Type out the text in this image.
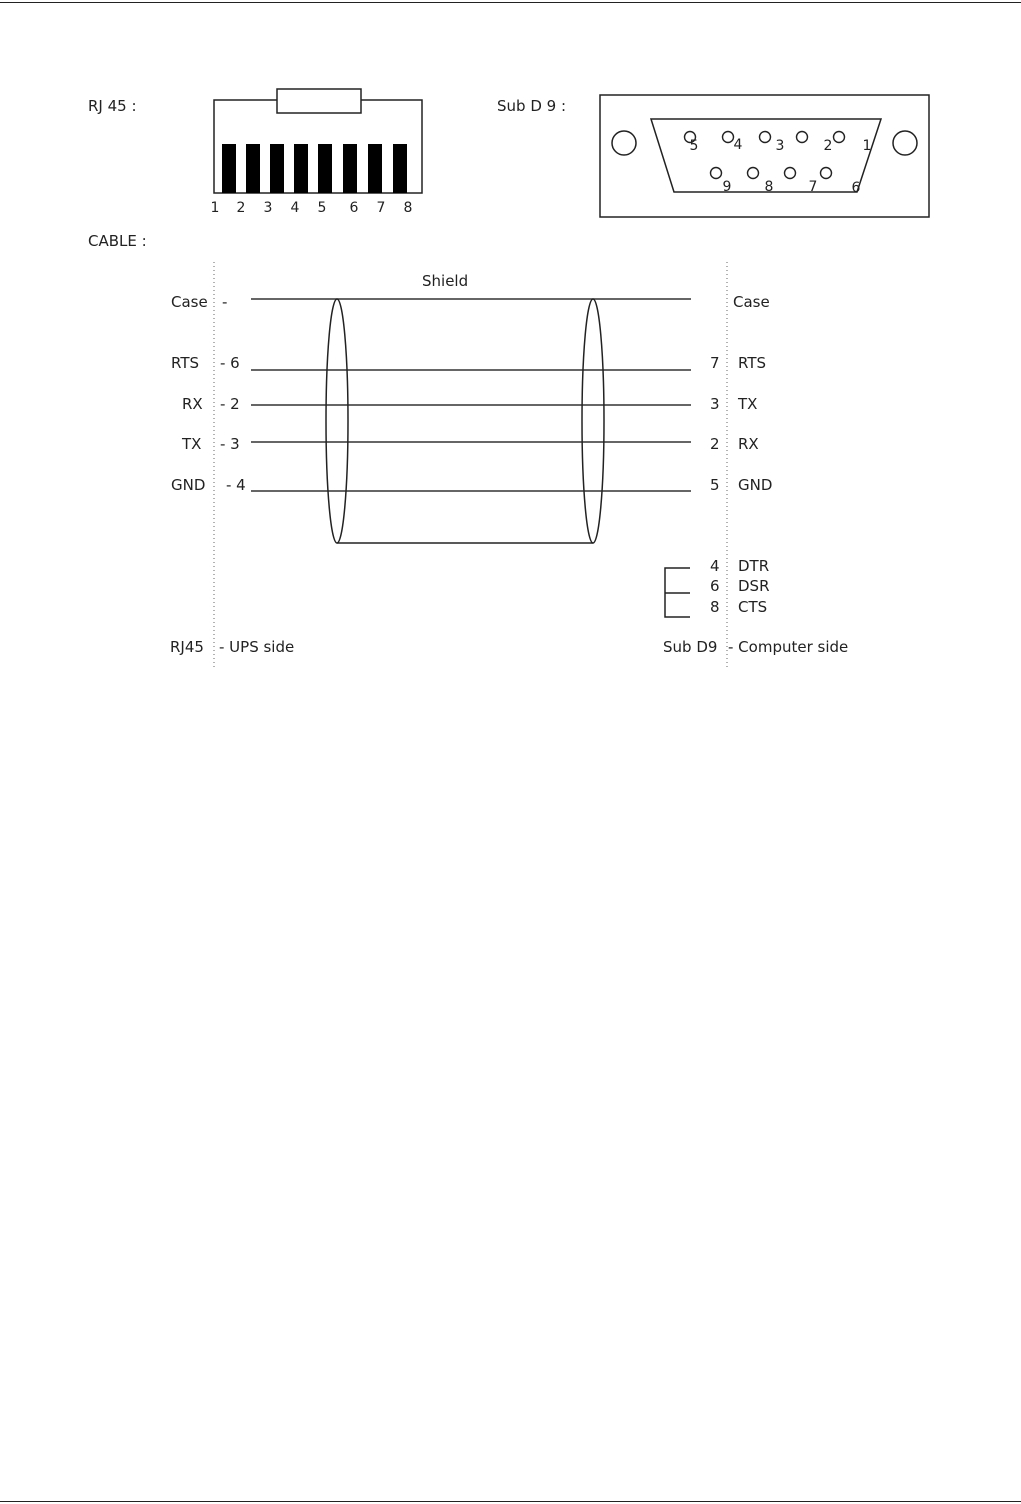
RJ 45 :
1 2 3 4 5 6 7 8
Sub D 9 :
5	4 3	2 1
9 8	7 6
CABLE :
Shield
Case -
RTS - 6
RX - 2
TX - 3
GND - 4
Case
7 RTS
3 TX
2 RX
5 GND
4 DTR
6 DSR
8 CTS
RJ45 - UPS side	Sub D9 - Computer side
